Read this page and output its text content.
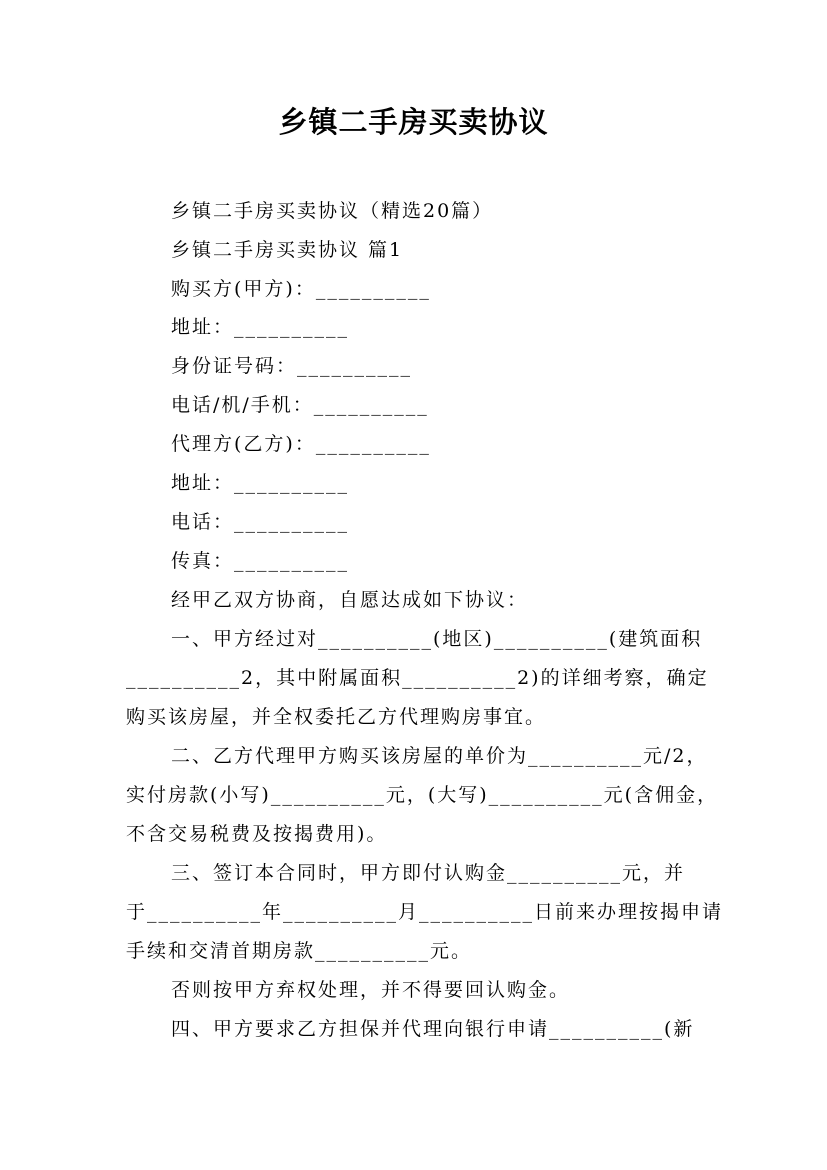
乡镇二手房买卖协议
乡镇二手房买卖协议（精选20篇）
乡镇二手房买卖协议 篇1
购买方(甲方)：__________
地址：__________
身份证号码：__________
电话/机/手机：__________
代理方(乙方)：__________
地址：__________
电话：__________
传真：__________
经甲乙双方协商，自愿达成如下协议：
一、甲方经过对__________(地区)__________(建筑面积
__________2，其中附属面积__________2)的详细考察，确定
购买该房屋，并全权委托乙方代理购房事宜。
二、乙方代理甲方购买该房屋的单价为__________元/2，
实付房款(小写)__________元，(大写)__________元(含佣金，
不含交易税费及按揭费用)。
三、签订本合同时，甲方即付认购金__________元，并
于__________年__________月__________日前来办理按揭申请
手续和交清首期房款__________元。
否则按甲方弃权处理，并不得要回认购金。
四、甲方要求乙方担保并代理向银行申请__________(新
